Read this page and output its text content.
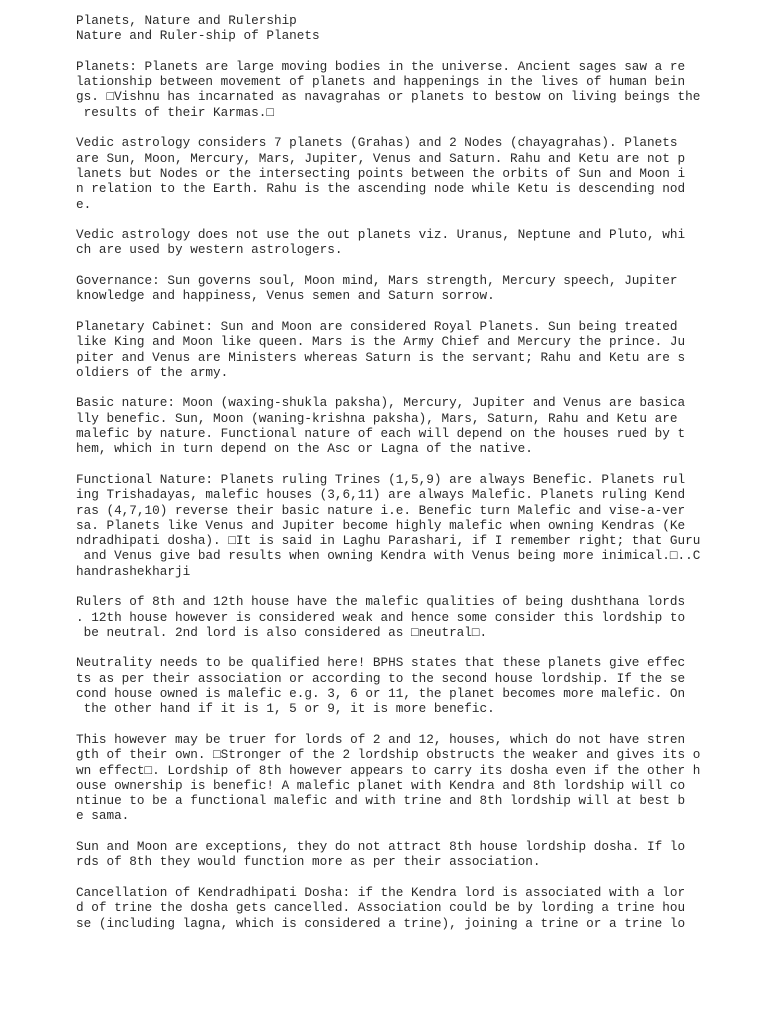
Planets, Nature and Rulership
Nature and Ruler-ship of Planets
Planets: Planets are large moving bodies in the universe. Ancient sages saw a re
lationship between movement of planets and happenings in the lives of human bein
gs. □Vishnu has incarnated as navagrahas or planets to bestow on living beings the
results of their Karmas.□
Vedic astrology considers 7 planets (Grahas) and 2 Nodes (chayagrahas). Planets
are Sun, Moon, Mercury, Mars, Jupiter, Venus and Saturn. Rahu and Ketu are not p
lanets but Nodes or the intersecting points between the orbits of Sun and Moon i
n relation to the Earth. Rahu is the ascending node while Ketu is descending nod
e.
Vedic astrology does not use the out planets viz. Uranus, Neptune and Pluto, whi
ch are used by western astrologers.
Governance: Sun governs soul, Moon mind, Mars strength, Mercury speech, Jupiter
knowledge and happiness, Venus semen and Saturn sorrow.
Planetary Cabinet: Sun and Moon are considered Royal Planets. Sun being treated
like King and Moon like queen. Mars is the Army Chief and Mercury the prince. Ju
piter and Venus are Ministers whereas Saturn is the servant; Rahu and Ketu are s
oldiers of the army.
Basic nature: Moon (waxing-shukla paksha), Mercury, Jupiter and Venus are basica
lly benefic. Sun, Moon (waning-krishna paksha), Mars, Saturn, Rahu and Ketu are
malefic by nature. Functional nature of each will depend on the houses rued by t
hem, which in turn depend on the Asc or Lagna of the native.
Functional Nature: Planets ruling Trines (1,5,9) are always Benefic. Planets rul
ing Trishadayas, malefic houses (3,6,11) are always Malefic. Planets ruling Kend
ras (4,7,10) reverse their basic nature i.e. Benefic turn Malefic and vise-a-ver
sa. Planets like Venus and Jupiter become highly malefic when owning Kendras (Ke
ndradhipati dosha). □It is said in Laghu Parashari, if I remember right; that Guru
and Venus give bad results when owning Kendra with Venus being more inimical.□..C
handrashekharji
Rulers of 8th and 12th house have the malefic qualities of being dushthana lords
. 12th house however is considered weak and hence some consider this lordship to
be neutral. 2nd lord is also considered as □neutral□.
Neutrality needs to be qualified here! BPHS states that these planets give effec
ts as per their association or according to the second house lordship. If the se
cond house owned is malefic e.g. 3, 6 or 11, the planet becomes more malefic. On
the other hand if it is 1, 5 or 9, it is more benefic.
This however may be truer for lords of 2 and 12, houses, which do not have stren
gth of their own. □Stronger of the 2 lordship obstructs the weaker and gives its o
wn effect□. Lordship of 8th however appears to carry its dosha even if the other h
ouse ownership is benefic! A malefic planet with Kendra and 8th lordship will co
ntinue to be a functional malefic and with trine and 8th lordship will at best b
e sama.
Sun and Moon are exceptions, they do not attract 8th house lordship dosha. If lo
rds of 8th they would function more as per their association.
Cancellation of Kendradhipati Dosha: if the Kendra lord is associated with a lor
d of trine the dosha gets cancelled. Association could be by lording a trine hou
se (including lagna, which is considered a trine), joining a trine or a trine lo
